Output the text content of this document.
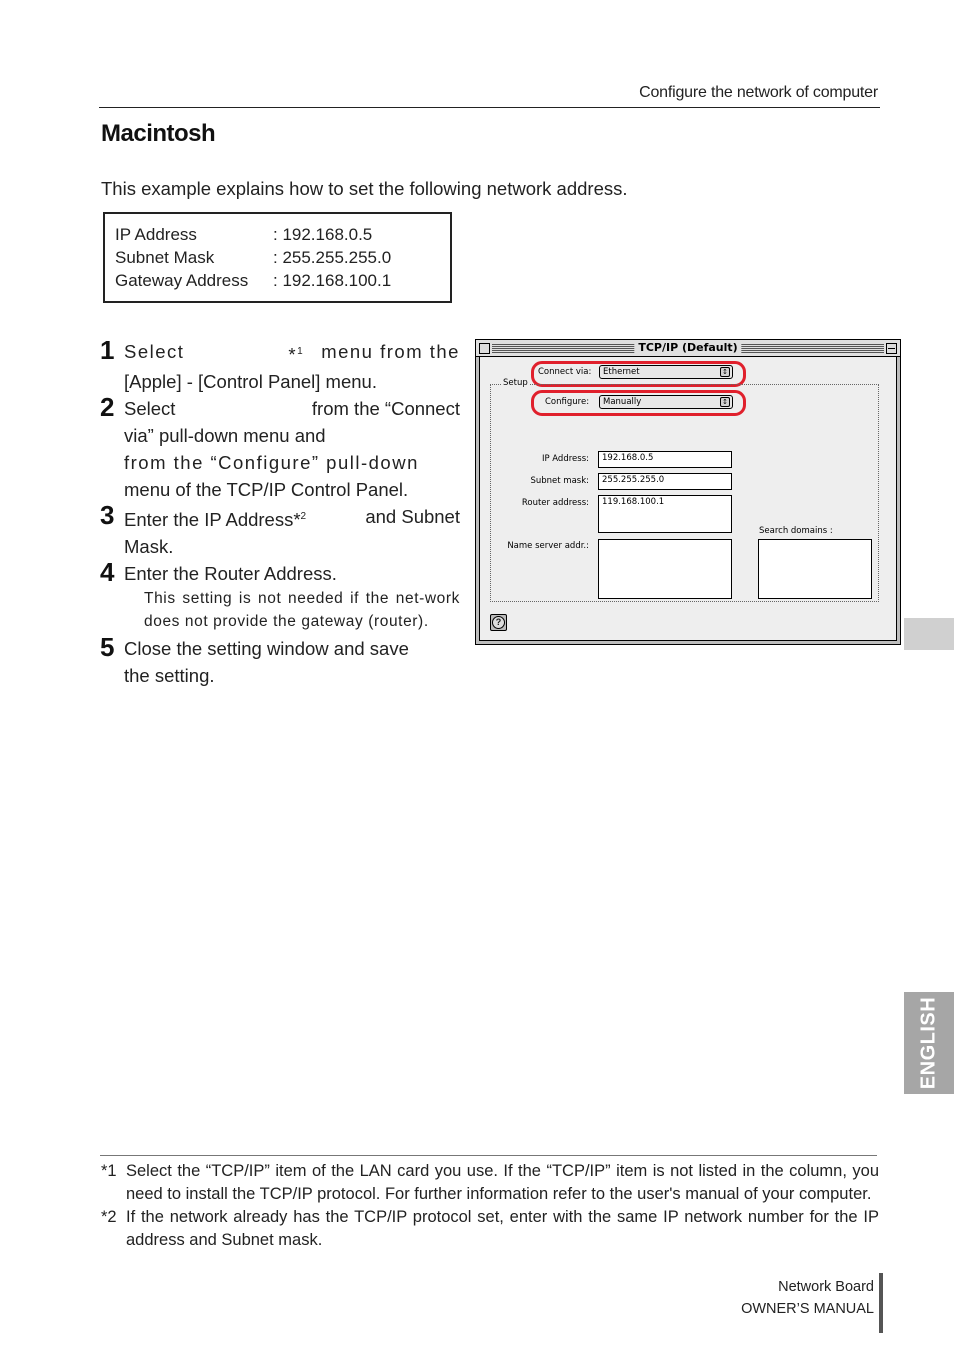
Configure the network of computer
Macintosh
This example explains how to set the following network address.
IP Address	: 192.168.0.5
Subnet Mask	: 255.255.255.0
Gateway Address	: 192.168.100.1
1 Select	*$^1$ menu from the
[Apple] - [Control Panel] menu.
2 Select	from the “Connect
via” pull-down menu and
from the “Configure” pull-down
menu of the TCP/IP Control Panel.
3 Enter the IP Address*$^2$	and Subnet
Mask.
4 Enter the Router Address.
This setting is not needed if the net-work does not provide the gateway (router).
5 Close the setting window and save
the setting.
TCP/IP (Default)
Connect via:	Ethernet	↕
Setup
Configure:	Manually	↕
IP Address:	192.168.0.5
Subnet mask:	255.255.255.0
Router address:	119.168.100.1
Search domains :
Name server addr.:
?
ENGLISH
*1 Select the “TCP/IP” item of the LAN card you use. If the “TCP/IP” item is not listed in the column, you need to install the TCP/IP protocol. For further information refer to the user's manual of your computer.
*2 If the network already has the TCP/IP protocol set, enter with the same IP network number for the IP address and Subnet mask.
Network Board
OWNER’S MANUAL
